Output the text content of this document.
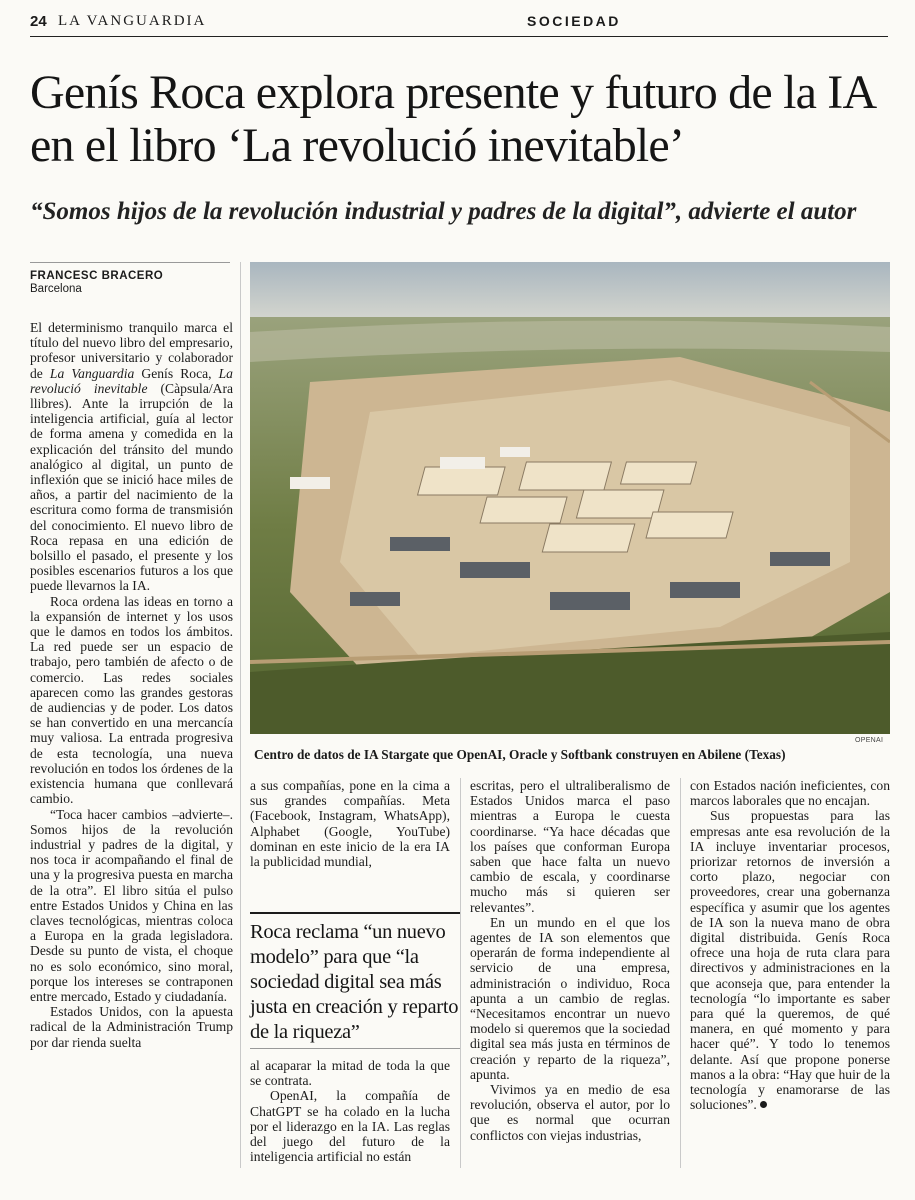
24 LA VANGUARDIA	SOCIEDAD
Genís Roca explora presente y futuro de la IA en el libro ‘La revolució inevitable’
“Somos hijos de la revolución industrial y padres de la digital”, advierte el autor
FRANCESC BRACERO
Barcelona
OPENAI
Centro de datos de IA Stargate que OpenAI, Oracle y Softbank construyen en Abilene (Texas)

El determinismo tranquilo marca el título del nuevo libro del empresario, profesor universitario y colaborador de La Vanguardia Genís Roca, La revolució inevitable (Càpsula/Ara llibres). Ante la irrupción de la inteligencia artificial, guía al lector de forma amena y comedida en la explicación del tránsito del mundo analógico al digital, un punto de inflexión que se inició hace miles de años, a partir del nacimiento de la escritura como forma de transmisión del conocimiento. El nuevo libro de Roca repasa en una edición de bolsillo el pasado, el presente y los posibles escenarios futuros a los que puede llevarnos la IA.

Roca ordena las ideas en torno a la expansión de internet y los usos que le damos en todos los ámbitos. La red puede ser un espacio de trabajo, pero también de afecto o de comercio. Las redes sociales aparecen como las grandes gestoras de audiencias y de poder. Los datos se han convertido en una mercancía muy valiosa. La entrada progresiva de esta tecnología, una nueva revolución en todos los órdenes de la existencia humana que conllevará cambio.

“Toca hacer cambios –advierte–. Somos hijos de la revolución industrial y padres de la digital, y nos toca ir acompañando el final de una y la progresiva puesta en marcha de la otra”. El libro sitúa el pulso entre Estados Unidos y China en las claves tecnológicas, mientras coloca a Europa en la grada legisladora. Desde su punto de vista, el choque no es solo económico, sino moral, porque los intereses se contraponen entre mercado, Estado y ciudadanía.

Estados Unidos, con la apuesta radical de la Administración Trump por dar rienda suelta

a sus compañías, pone en la cima a sus grandes compañías. Meta (Facebook, Instagram, WhatsApp), Alphabet (Google, YouTube) dominan en este inicio de la era IA la publicidad mundial,

Roca reclama “un nuevo modelo” para que “la sociedad digital sea más justa en creación y reparto de la riqueza”

al acaparar la mitad de toda la que se contrata.

OpenAI, la compañía de ChatGPT se ha colado en la lucha por el liderazgo en la IA. Las reglas del juego del futuro de la inteligencia artificial no están

escritas, pero el ultraliberalismo de Estados Unidos marca el paso mientras a Europa le cuesta coordinarse. “Ya hace décadas que los países que conforman Europa saben que hace falta un nuevo cambio de escala, y coordinarse mucho más si quieren ser relevantes”.

En un mundo en el que los agentes de IA son elementos que operarán de forma independiente al servicio de una empresa, administración o individuo, Roca apunta a un cambio de reglas. “Necesitamos encontrar un nuevo modelo si queremos que la sociedad digital sea más justa en términos de creación y reparto de la riqueza”, apunta.

Vivimos ya en medio de esa revolución, observa el autor, por lo que es normal que ocurran conflictos con viejas industrias,

con Estados nación ineficientes, con marcos laborales que no encajan.

Sus propuestas para las empresas ante esa revolución de la IA incluye inventariar procesos, priorizar retornos de inversión a corto plazo, negociar con proveedores, crear una gobernanza específica y asumir que los agentes de IA son la nueva mano de obra digital distribuida. Genís Roca ofrece una hoja de ruta clara para directivos y administraciones en la que aconseja que, para entender la tecnología “lo importante es saber para qué la queremos, de qué manera, en qué momento y para hacer qué”. Y todo lo tenemos delante. Así que propone ponerse manos a la obra: “Hay que huir de la tecnología y enamorarse de las soluciones”.
